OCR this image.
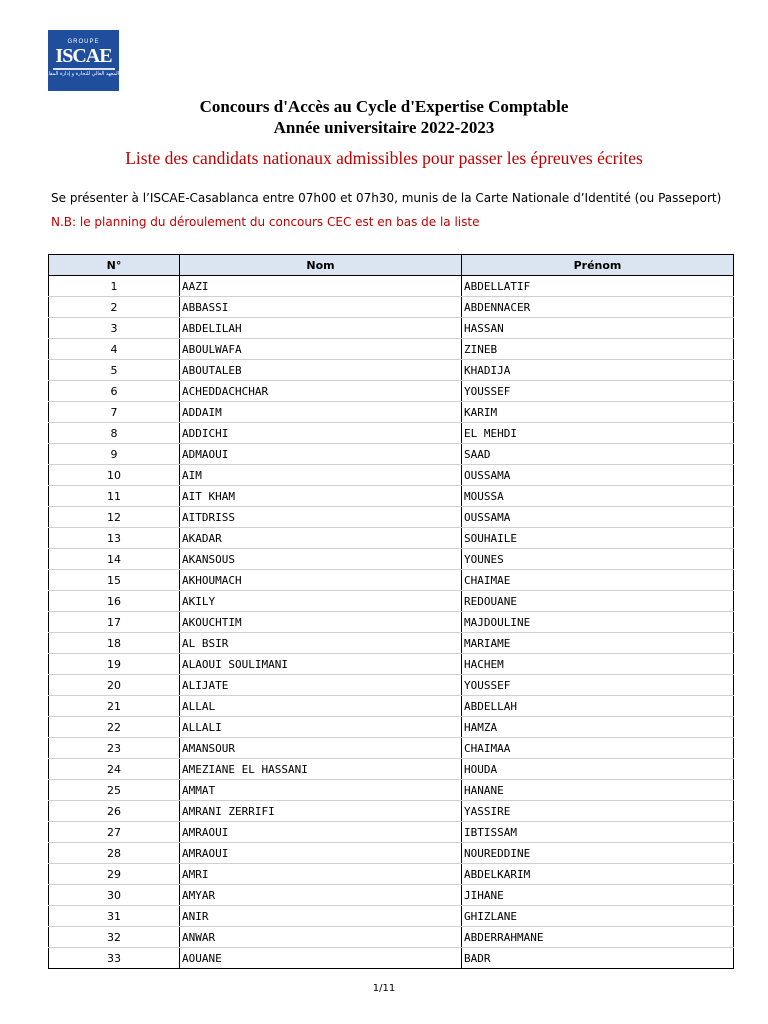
GROUPE
ISCAE
المعهد العالي للتجارة و إدارة المقاولات
Concours d'Accès au Cycle d'Expertise Comptable
Année universitaire 2022-2023
Liste des candidats nationaux admissibles pour passer les épreuves écrites
Se présenter à l’ISCAE-Casablanca entre 07h00 et 07h30, munis de la Carte Nationale d’Identité (ou Passeport)
N.B: le planning du déroulement du concours CEC est en bas de la liste
N°	Nom	Prénom
1	AAZI	ABDELLATIF
2	ABBASSI	ABDENNACER
3	ABDELILAH	HASSAN
4	ABOULWAFA	ZINEB
5	ABOUTALEB	KHADIJA
6	ACHEDDACHCHAR	YOUSSEF
7	ADDAIM	KARIM
8	ADDICHI	EL MEHDI
9	ADMAOUI	SAAD
10	AIM	OUSSAMA
11	AIT KHAM	MOUSSA
12	AITDRISS	OUSSAMA
13	AKADAR	SOUHAILE
14	AKANSOUS	YOUNES
15	AKHOUMACH	CHAIMAE
16	AKILY	REDOUANE
17	AKOUCHTIM	MAJDOULINE
18	AL BSIR	MARIAME
19	ALAOUI SOULIMANI	HACHEM
20	ALIJATE	YOUSSEF
21	ALLAL	ABDELLAH
22	ALLALI	HAMZA
23	AMANSOUR	CHAIMAA
24	AMEZIANE EL HASSANI	HOUDA
25	AMMAT	HANANE
26	AMRANI ZERRIFI	YASSIRE
27	AMRAOUI	IBTISSAM
28	AMRAOUI	NOUREDDINE
29	AMRI	ABDELKARIM
30	AMYAR	JIHANE
31	ANIR	GHIZLANE
32	ANWAR	ABDERRAHMANE
33	AOUANE	BADR
1/11
